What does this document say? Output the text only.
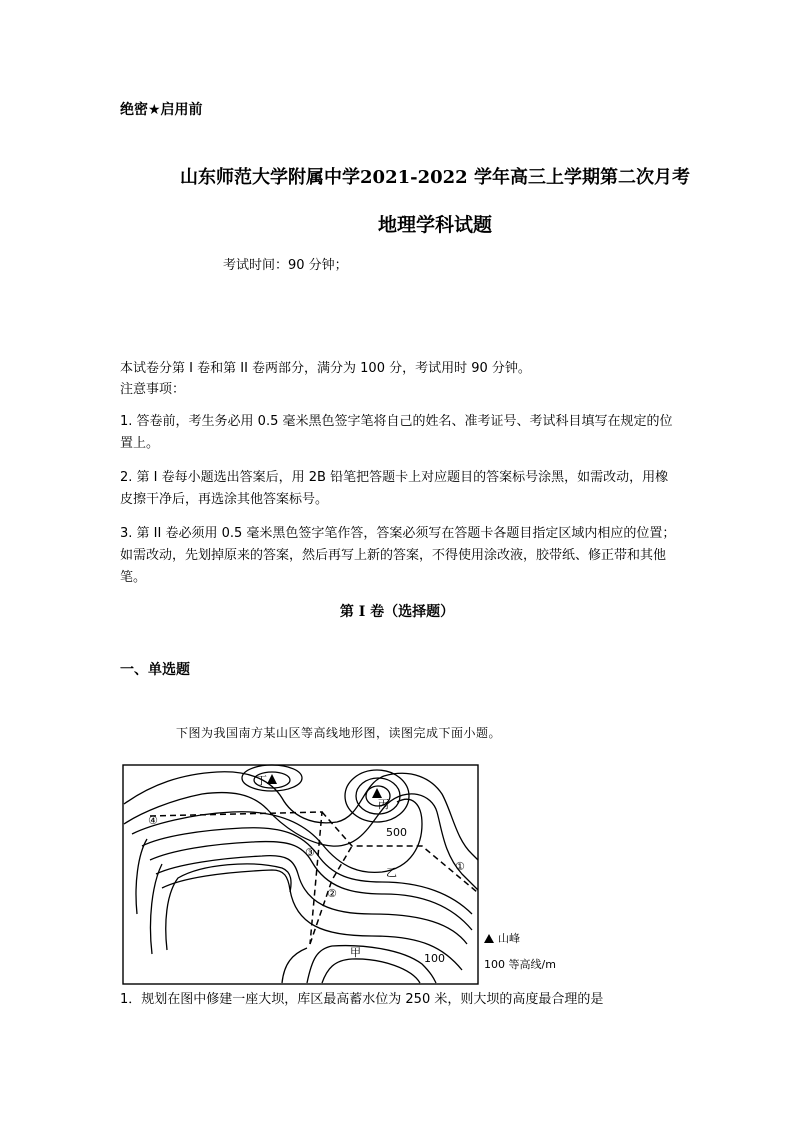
绝密★启用前
山东师范大学附属中学2021-2022 学年高三上学期第二次月考
地理学科试题
考试时间：90 分钟；
本试卷分第 I 卷和第 II 卷两部分，满分为 100 分，考试用时 90 分钟。
注意事项：
1. 答卷前，考生务必用 0.5 毫米黑色签字笔将自己的姓名、准考证号、考试科目填写在规定的位置上。
2. 第 I 卷每小题选出答案后，用 2B 铅笔把答题卡上对应题目的答案标号涂黑，如需改动，用橡皮擦干净后，再选涂其他答案标号。
3. 第 II 卷必须用 0.5 毫米黑色签字笔作答，答案必须写在答题卡各题目指定区域内相应的位置；如需改动，先划掉原来的答案，然后再写上新的答案，不得使用涂改液，胶带纸、修正带和其他笔。
第 I 卷（选择题）
一、单选题
下图为我国南方某山区等高线地形图，读图完成下面小题。
丁
丙
500
乙
甲	100
①
②
③
④
山峰
100 等高线/m
1．规划在图中修建一座大坝，库区最高蓄水位为 250 米，则大坝的高度最合理的是
